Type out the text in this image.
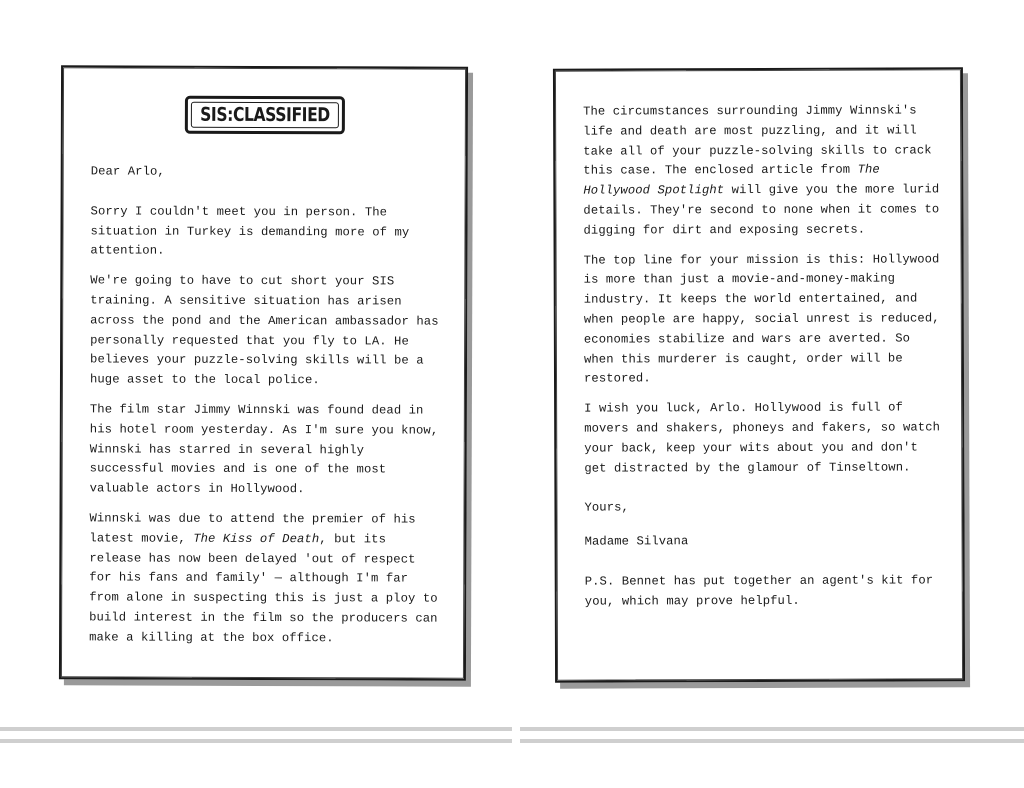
SIS:CLASSIFIED

Dear Arlo,

Sorry I couldn't meet you in person. The situation in Turkey is demanding more of my attention.

We're going to have to cut short your SIS training. A sensitive situation has arisen across the pond and the American ambassador has personally requested that you fly to LA. He believes your puzzle-solving skills will be a huge asset to the local police.

The film star Jimmy Winnski was found dead in his hotel room yesterday. As I'm sure you know, Winnski has starred in several highly successful movies and is one of the most valuable actors in Hollywood.

Winnski was due to attend the premier of his latest movie, The Kiss of Death, but its release has now been delayed 'out of respect for his fans and family' — although I'm far from alone in suspecting this is just a ploy to build interest in the film so the producers can make a killing at the box office.

The circumstances surrounding Jimmy Winnski's life and death are most puzzling, and it will take all of your puzzle-solving skills to crack this case. The enclosed article from The Hollywood Spotlight will give you the more lurid details. They're second to none when it comes to digging for dirt and exposing secrets.

The top line for your mission is this: Hollywood is more than just a movie-and-money-making industry. It keeps the world entertained, and when people are happy, social unrest is reduced, economies stabilize and wars are averted. So when this murderer is caught, order will be restored.

I wish you luck, Arlo. Hollywood is full of movers and shakers, phoneys and fakers, so watch your back, keep your wits about you and don't get distracted by the glamour of Tinseltown.

Yours,

Madame Silvana

P.S. Bennet has put together an agent's kit for you, which may prove helpful.
